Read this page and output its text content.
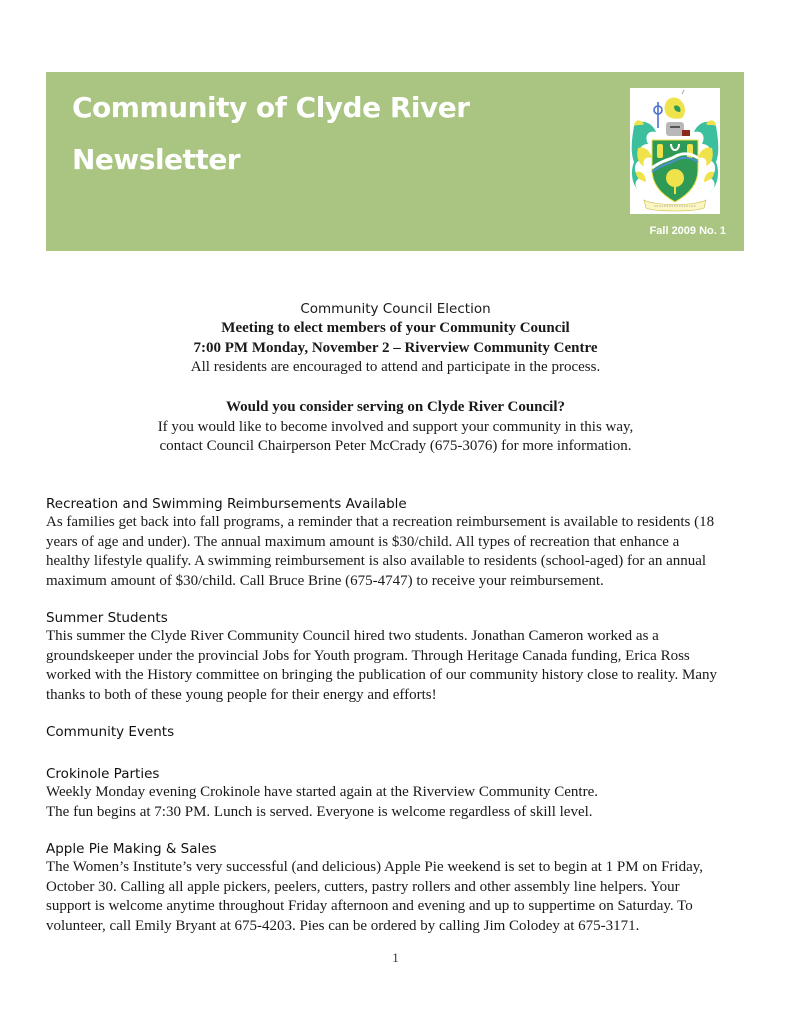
Community of Clyde River
Newsletter
Fall 2009 No. 1
Community Council Election
Meeting to elect members of your Community Council
7:00 PM Monday, November 2 – Riverview Community Centre
All residents are encouraged to attend and participate in the process.
Would you consider serving on Clyde River Council?
If you would like to become involved and support your community in this way,
contact Council Chairperson Peter McCrady (675-3076) for more information.
Recreation and Swimming Reimbursements Available

As families get back into fall programs, a reminder that a recreation reimbursement is available to residents (18

years of age and under). The annual maximum amount is $30/child. All types of recreation that enhance a

healthy lifestyle qualify. A swimming reimbursement is also available to residents (school-aged) for an annual

maximum amount of $30/child. Call Bruce Brine (675-4747) to receive your reimbursement.

Summer Students

This summer the Clyde River Community Council hired two students. Jonathan Cameron worked as a

groundskeeper under the provincial Jobs for Youth program. Through Heritage Canada funding, Erica Ross

worked with the History committee on bringing the publication of our community history close to reality. Many

thanks to both of these young people for their energy and efforts!

Community Events
Crokinole Parties

Weekly Monday evening Crokinole have started again at the Riverview Community Centre.

The fun begins at 7:30 PM. Lunch is served. Everyone is welcome regardless of skill level.

Apple Pie Making & Sales

The Women’s Institute’s very successful (and delicious) Apple Pie weekend is set to begin at 1 PM on Friday,

October 30. Calling all apple pickers, peelers, cutters, pastry rollers and other assembly line helpers. Your

support is welcome anytime throughout Friday afternoon and evening and up to suppertime on Saturday. To

volunteer, call Emily Bryant at 675-4203. Pies can be ordered by calling Jim Colodey at 675-3171.

1
